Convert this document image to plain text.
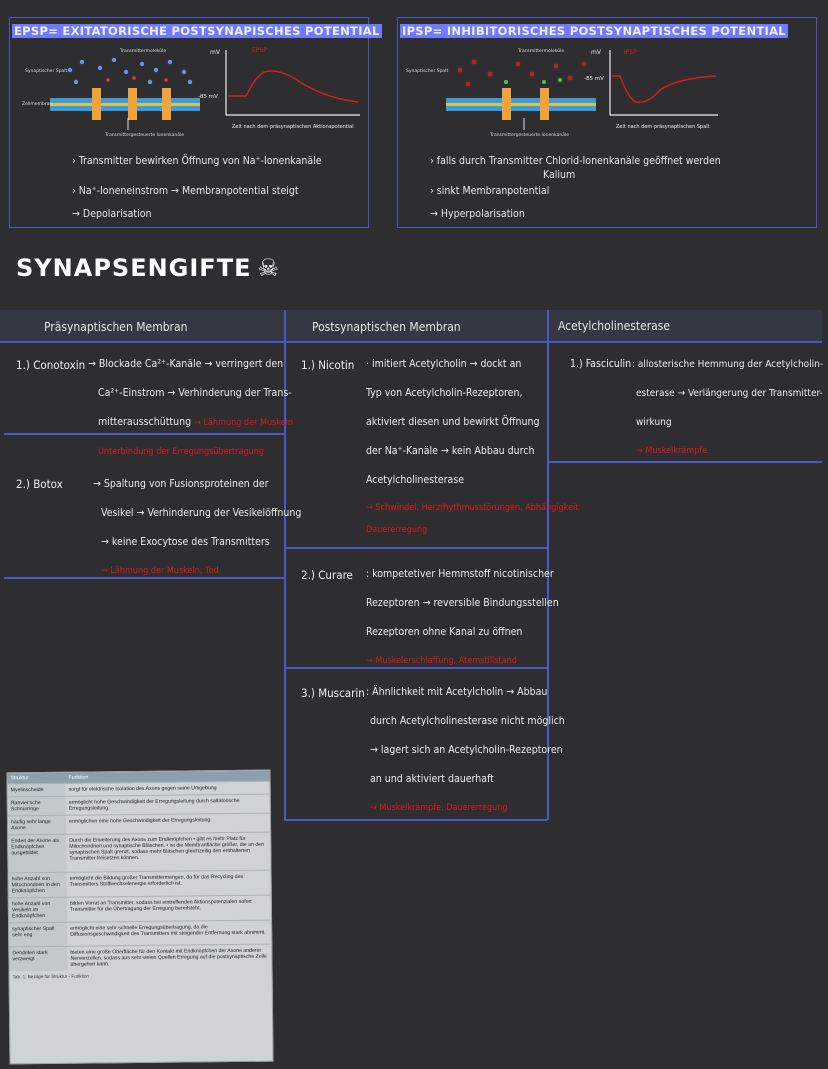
EPSP= EXITATORISCHE POSTSYNAPISCHES POTENTIAL
Synaptischer Spalt
Zellmembran
Transmittermoleküle
Transmittergesteuerte Ionenkanäle
mV
-85 mV
EPSP
Zeit nach dem präsynaptischen Aktionspotential
› Transmitter bewirken Öffnung von Na⁺-Ionenkanäle
› Na⁺-Ioneneinstrom → Membranpotential steigt
→ Depolarisation
IPSP= INHIBITORISCHES POSTSYNAPTISCHES POTENTIAL
Synaptischer Spalt
Transmittermoleküle
Transmittergesteuerte Ionenkanäle
mV
-85 mV
IPSP
Zeit nach dem präsynaptischen Spalt
› falls durch Transmitter Chlorid-Ionenkanäle geöffnet werden
Kalium
› sinkt Membranpotential
→ Hyperpolarisation
SYNAPSENGIFTE ☠
Präsynaptischen Membran	Postsynaptischen Membran	Acetylcholinesterase
1.) Conotoxin → Blockade Ca²⁺-Kanäle → verringert den
Ca²⁺-Einstrom → Verhinderung der Trans-
mitterausschüttung → Lähmung der Muskeln
Unterbindung der Erregungsübertragung
2.) Botox	→ Spaltung von Fusionsproteinen der
Vesikel → Verhinderung der Vesikelöffnung
→ keine Exocytose des Transmitters
→ Lähmung der Muskeln, Tod
1.) Nicotin · imitiert Acetylcholin → dockt an
Typ von Acetylcholin-Rezeptoren,
aktiviert diesen und bewirkt Öffnung
der Na⁺-Kanäle → kein Abbau durch
Acetylcholinesterase
→ Schwindel, Herzrhythmusstörungen, Abhängigkeit
Dauererregung
2.) Curare : kompetetiver Hemmstoff nicotinischer
Rezeptoren → reversible Bindungsstellen
Rezeptoren ohne Kanal zu öffnen
→ Muskelerschlaffung, Atemstillstand
3.) Muscarin : Ähnlichkeit mit Acetylcholin → Abbau
durch Acetylcholinesterase nicht möglich
→ lagert sich an Acetylcholin-Rezeptoren
an und aktiviert dauerhaft
→ Muskelkrämpfe, Dauererregung
1.) Fasciculin : allosterische Hemmung der Acetylcholin-
esterase → Verlängerung der Transmitter-
wirkung
→ Muskelkrämpfe
Struktur	Funktion
Myelinscheide	sorgt für elektrische Isolation des Axons gegen seine Umgebung
Ranvier'sche Schnürringe	ermöglicht hohe Geschwindigkeit der Erregungsleitung durch saltatorische Erregungsleitung.
häufig sehr lange Axone	ermöglichen eine hohe Geschwindigkeit der Erregungsleitung.
Enden der Axone als Endknöpfchen ausgebildet	Durch die Erweiterung des Axons zum Endknöpfchen • gibt es mehr Platz für Mitochondrien und synaptische Bläschen. • ist die Membranfläche größer, die an den synaptischen Spalt grenzt, sodass mehr Bläschen gleichzeitig den enthaltenen Transmitter freisetzen können.
hohe Anzahl von Mitochondrien in den Endknöpfchen	ermöglicht die Bildung großer Transmittermengen, da für das Recycling des Transmitters Stoffwechselenergie erforderlich ist.
hohe Anzahl von Vesikeln im Endknöpfchen	bilden Vorrat an Transmitter, sodass bei eintreffenden Aktionspotenzialen sofort Transmitter für die Übertragung der Erregung bereitsteht.
synaptischer Spalt sehr eng	ermöglicht eine sehr schnelle Erregungsübertragung, da die Diffusionsgeschwindigkeit des Transmitters mit steigender Entfernung stark abnimmt.
Dendriten stark verzweigt	bieten eine große Oberfläche für den Kontakt mit Endknöpfchen der Axone anderer Nervenzellen, sodass aus sehr vielen Quellen Erregung auf die postsynaptische Zelle übergehen kann.
Tab. 1: Bezüge für Struktur - Funktion
